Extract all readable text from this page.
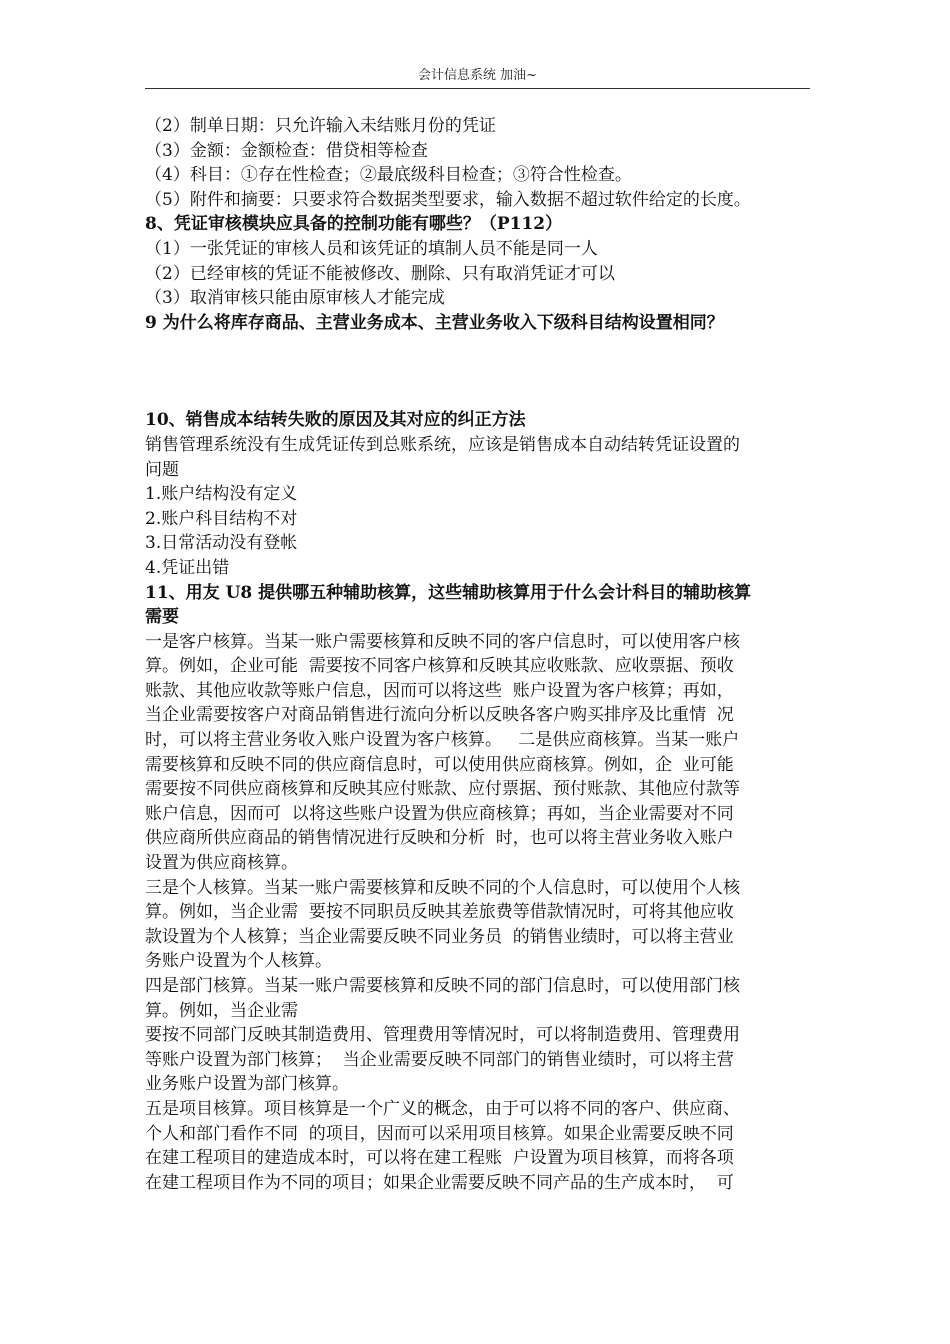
会计信息系统 加油~
（2）制单日期：只允许输入未结账月份的凭证
（3）金额：金额检查：借贷相等检查
（4）科目：①存在性检查；②最底级科目检查；③符合性检查。
（5）附件和摘要：只要求符合数据类型要求，输入数据不超过软件给定的长度。
8、凭证审核模块应具备的控制功能有哪些？（P112）
（1）一张凭证的审核人员和该凭证的填制人员不能是同一人
（2）已经审核的凭证不能被修改、删除、只有取消凭证才可以
（3）取消审核只能由原审核人才能完成
9 为什么将库存商品、主营业务成本、主营业务收入下级科目结构设置相同？
10、销售成本结转失败的原因及其对应的纠正方法
销售管理系统没有生成凭证传到总账系统，应该是销售成本自动结转凭证设置的
问题
1.账户结构没有定义
2.账户科目结构不对
3.日常活动没有登帐
4.凭证出错
11、用友 U8 提供哪五种辅助核算，这些辅助核算用于什么会计科目的辅助核算
需要
一是客户核算。当某一账户需要核算和反映不同的客户信息时，可以使用客户核
算。例如，企业可能  需要按不同客户核算和反映其应收账款、应收票据、预收
账款、其他应收款等账户信息，因而可以将这些  账户设置为客户核算；再如，
当企业需要按客户对商品销售进行流向分析以反映各客户购买排序及比重情  况
时，可以将主营业务收入账户设置为客户核算。   二是供应商核算。当某一账户
需要核算和反映不同的供应商信息时，可以使用供应商核算。例如，企  业可能
需要按不同供应商核算和反映其应付账款、应付票据、预付账款、其他应付款等
账户信息，因而可  以将这些账户设置为供应商核算；再如，当企业需要对不同
供应商所供应商品的销售情况进行反映和分析  时，也可以将主营业务收入账户
设置为供应商核算。
三是个人核算。当某一账户需要核算和反映不同的个人信息时，可以使用个人核
算。例如，当企业需  要按不同职员反映其差旅费等借款情况时，可将其他应收
款设置为个人核算；当企业需要反映不同业务员  的销售业绩时，可以将主营业
务账户设置为个人核算。
四是部门核算。当某一账户需要核算和反映不同的部门信息时，可以使用部门核
算。例如，当企业需
要按不同部门反映其制造费用、管理费用等情况时，可以将制造费用、管理费用
等账户设置为部门核算；  当企业需要反映不同部门的销售业绩时，可以将主营
业务账户设置为部门核算。
五是项目核算。项目核算是一个广义的概念，由于可以将不同的客户、供应商、
个人和部门看作不同  的项目，因而可以采用项目核算。如果企业需要反映不同
在建工程项目的建造成本时，可以将在建工程账  户设置为项目核算，而将各项
在建工程项目作为不同的项目；如果企业需要反映不同产品的生产成本时，  可
